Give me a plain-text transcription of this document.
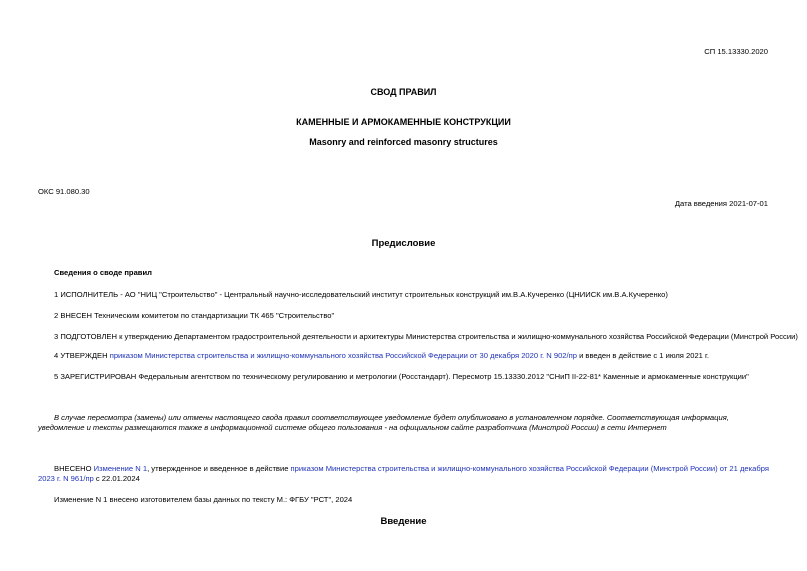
СП 15.13330.2020
СВОД ПРАВИЛ
КАМЕННЫЕ И АРМОКАМЕННЫЕ КОНСТРУКЦИИ
Masonry and reinforced masonry structures
ОКС 91.080.30
Дата введения 2021-07-01
Предисловие
Сведения о своде правил
1 ИСПОЛНИТЕЛЬ - АО "НИЦ "Строительство" - Центральный научно-исследовательский институт строительных конструкций им.В.А.Кучеренко (ЦНИИСК им.В.А.Кучеренко)
2 ВНЕСЕН Техническим комитетом по стандартизации ТК 465 "Строительство"
3 ПОДГОТОВЛЕН к утверждению Департаментом градостроительной деятельности и архитектуры Министерства строительства и жилищно-коммунального хозяйства Российской Федерации (Минстрой России)
4 УТВЕРЖДЕН приказом Министерства строительства и жилищно-коммунального хозяйства Российской Федерации от 30 декабря 2020 г. N 902/пр и введен в действие с 1 июля 2021 г.
5 ЗАРЕГИСТРИРОВАН Федеральным агентством по техническому регулированию и метрологии (Росстандарт). Пересмотр 15.13330.2012 "СНиП II-22-81* Каменные и армокаменные конструкции"
В случае пересмотра (замены) или отмены настоящего свода правил соответствующее уведомление будет опубликовано в установленном порядке. Соответствующая информация, уведомление и тексты размещаются также в информационной системе общего пользования - на официальном сайте разработчика (Минстрой России) в сети Интернет
ВНЕСЕНО Изменение N 1, утвержденное и введенное в действие приказом Министерства строительства и жилищно-коммунального хозяйства Российской Федерации (Минстрой России) от 21 декабря 2023 г. N 961/пр с 22.01.2024
Изменение N 1 внесено изготовителем базы данных по тексту М.: ФГБУ "РСТ", 2024
Введение
